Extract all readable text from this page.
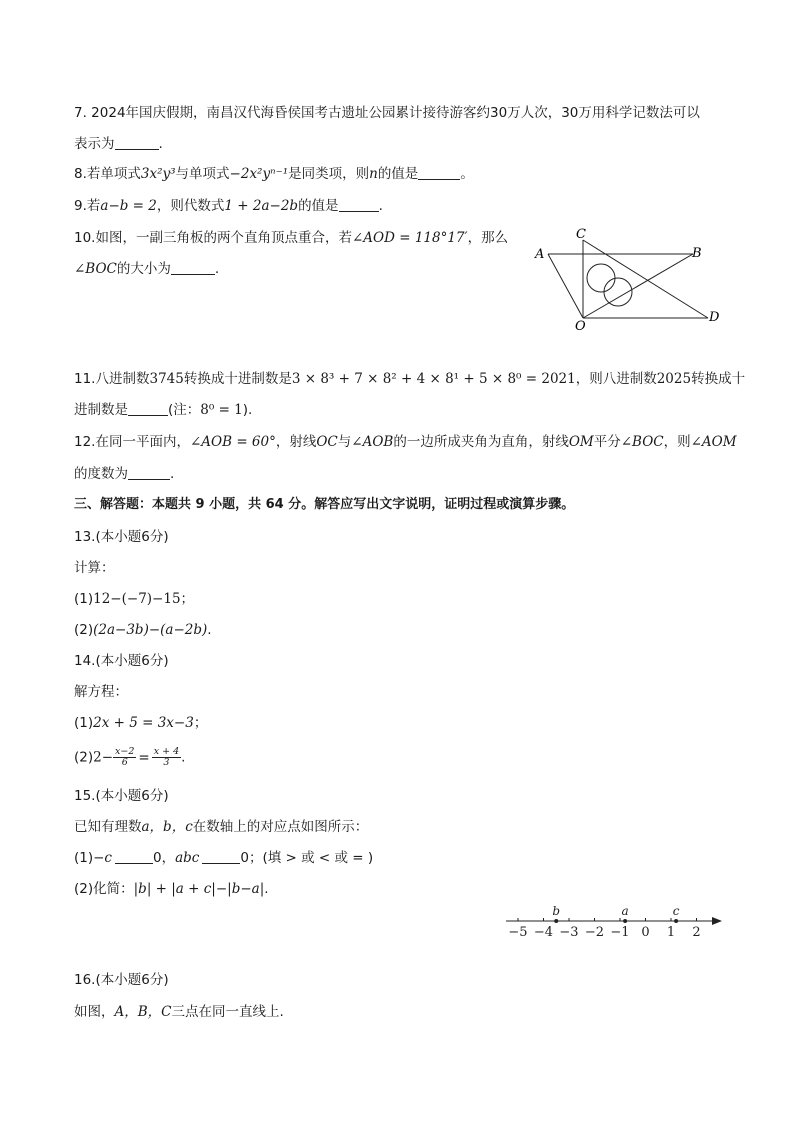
7. 2024年国庆假期，南昌汉代海昏侯国考古遗址公园累计接待游客约30万人次，30万用科学记数法可以
表示为	.
8.若单项式3x²y³与单项式−2x²yⁿ⁻¹是同类项，则n的值是	。
9.若a−b = 2，则代数式1 + 2a−2b的值是	.
10.如图，一副三角板的两个直角顶点重合，若∠AOD = 118°17′，那么
∠BOC的大小为	.
A	B
C
O
D
11.八进制数3745转换成十进制数是3 × 8³ + 7 × 8² + 4 × 8¹ + 5 × 8⁰ = 2021，则八进制数2025转换成十
进制数是	(注：8⁰ = 1).
12.在同一平面内，∠AOB = 60°，射线OC与∠AOB的一边所成夹角为直角，射线OM平分∠BOC，则∠AOM
的度数为	.
三、解答题：本题共 9 小题，共 64 分。解答应写出文字说明，证明过程或演算步骤。
13.(本小题6分)
计算：
(1)12−(−7)−15；
(2)(2a−3b)−(a−2b).
14.(本小题6分)
解方程：
(1)2x + 5 = 3x−3；
$(2)2- \frac{x-2}{6} = \frac{x + 4}{3}$ .
15.(本小题6分)
已知有理数a，b，c在数轴上的对应点如图所示：
(1)−c	0，abc	0；(填 > 或 < 或 = )
(2)化简：|b| + |a + c|−|b−a|.
−5 −4 −3 −2 −1 0 1 2
b	a	c
16.(本小题6分)
如图，A，B，C三点在同一直线上.
